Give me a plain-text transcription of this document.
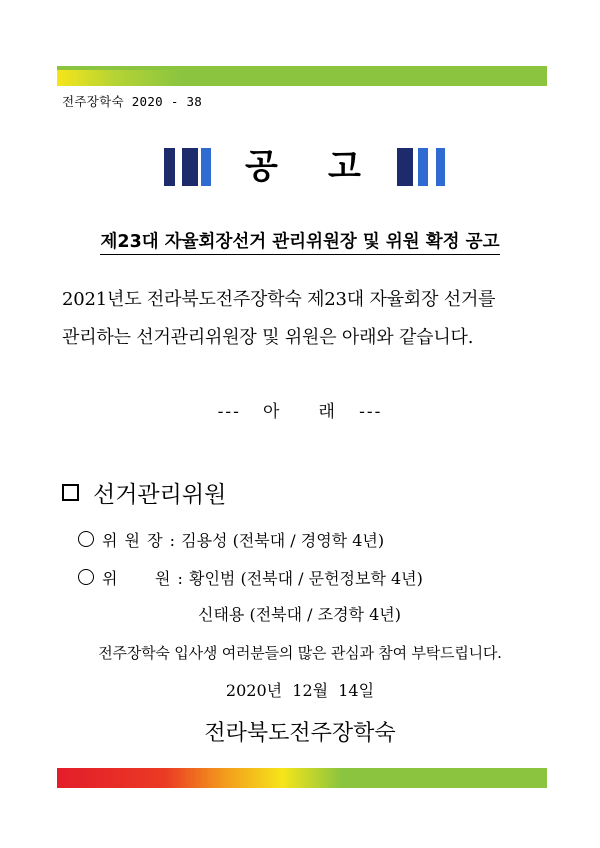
전주장학숙 2020 - 38
공 고
제23대 자율회장선거 관리위원장 및 위원 확정 공고
2021년도 전라북도전주장학숙 제23대 자율회장 선거를
관리하는 선거관리위원장 및 위원은 아래와 같습니다.
---   아     래   ---
선거관리위원
위 원 장 : 김용성 (전북대 / 경영학 4년)
위      원 : 황인범 (전북대 / 문헌정보학 4년)
신태용 (전북대 / 조경학 4년)
전주장학숙 입사생 여러분들의 많은 관심과 참여 부탁드립니다.
2020년  12월  14일
전라북도전주장학숙
